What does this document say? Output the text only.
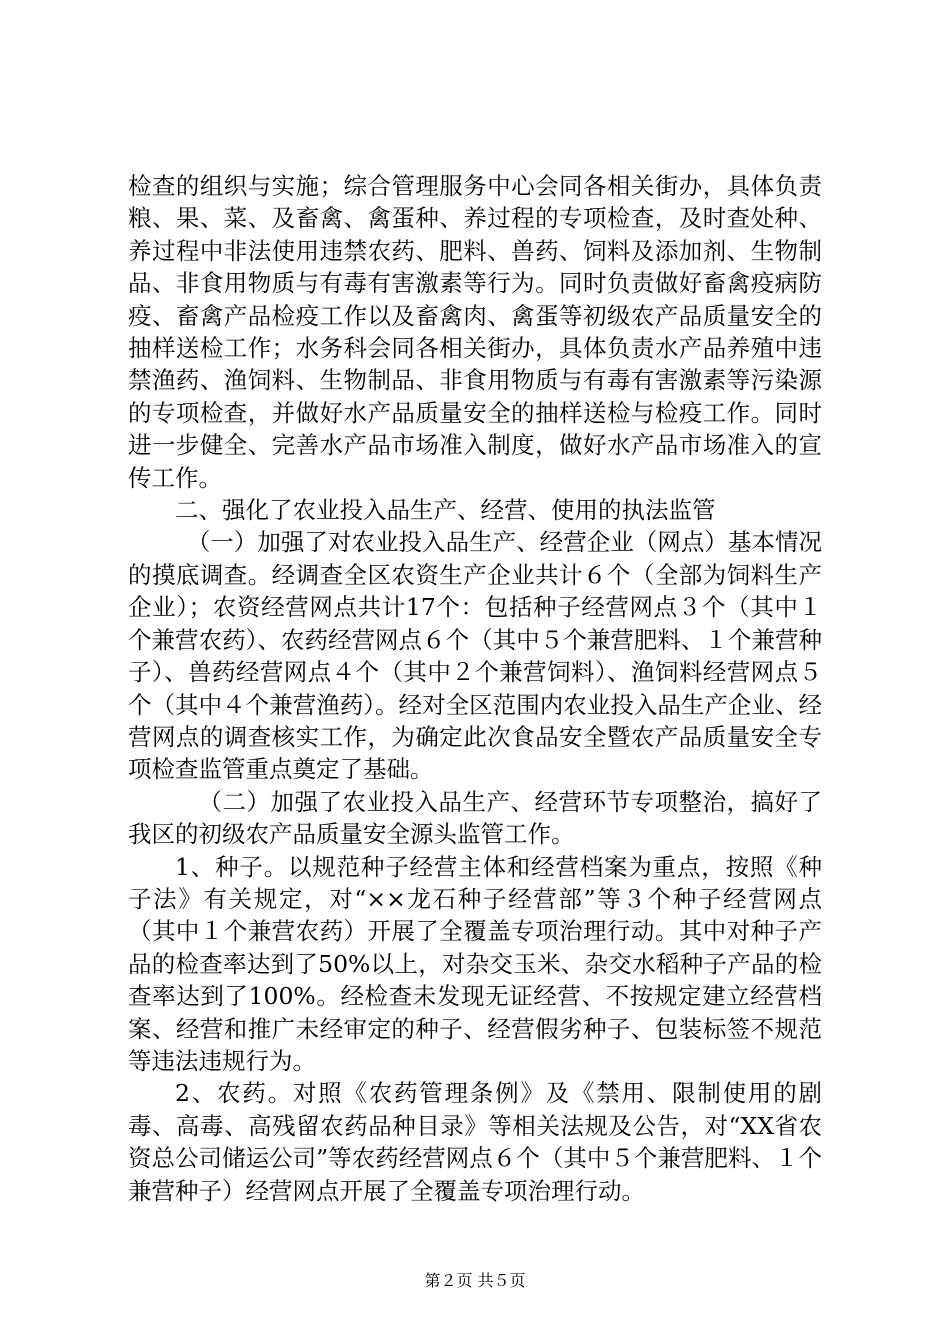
检查的组织与实施；综合管理服务中心会同各相关街办，具体负责粮、果、菜、及畜禽、禽蛋种、养过程的专项检查，及时查处种、养过程中非法使用违禁农药、肥料、兽药、饲料及添加剂、生物制品、非食用物质与有毒有害激素等行为。同时负责做好畜禽疫病防疫、畜禽产品检疫工作以及畜禽肉、禽蛋等初级农产品质量安全的抽样送检工作；水务科会同各相关街办，具体负责水产品养殖中违禁渔药、渔饲料、生物制品、非食用物质与有毒有害激素等污染源的专项检查，并做好水产品质量安全的抽样送检与检疫工作。同时进一步健全、完善水产品市场准入制度，做好水产品市场准入的宣传工作。

二、强化了农业投入品生产、经营、使用的执法监管

（一）加强了对农业投入品生产、经营企业（网点）基本情况的摸底调查。经调查全区农资生产企业共计６个（全部为饲料生产企业）；农资经营网点共计17个：包括种子经营网点３个（其中１个兼营农药）、农药经营网点６个（其中５个兼营肥料、１个兼营种子）、兽药经营网点４个（其中２个兼营饲料）、渔饲料经营网点５个（其中４个兼营渔药）。经对全区范围内农业投入品生产企业、经营网点的调查核实工作，为确定此次食品安全暨农产品质量安全专项检查监管重点奠定了基础。

（二）加强了农业投入品生产、经营环节专项整治，搞好了我区的初级农产品质量安全源头监管工作。

1、种子。以规范种子经营主体和经营档案为重点，按照《种子法》有关规定，对“××龙石种子经营部”等３个种子经营网点（其中１个兼营农药）开展了全覆盖专项治理行动。其中对种子产品的检查率达到了50%以上，对杂交玉米、杂交水稻种子产品的检查率达到了100%。经检查未发现无证经营、不按规定建立经营档案、经营和推广未经审定的种子、经营假劣种子、包装标签不规范等违法违规行为。

2、农药。对照《农药管理条例》及《禁用、限制使用的剧毒、高毒、高残留农药品种目录》等相关法规及公告，对“XX省农资总公司储运公司”等农药经营网点６个（其中５个兼营肥料、１个兼营种子）经营网点开展了全覆盖专项治理行动。

第２页 共５页
